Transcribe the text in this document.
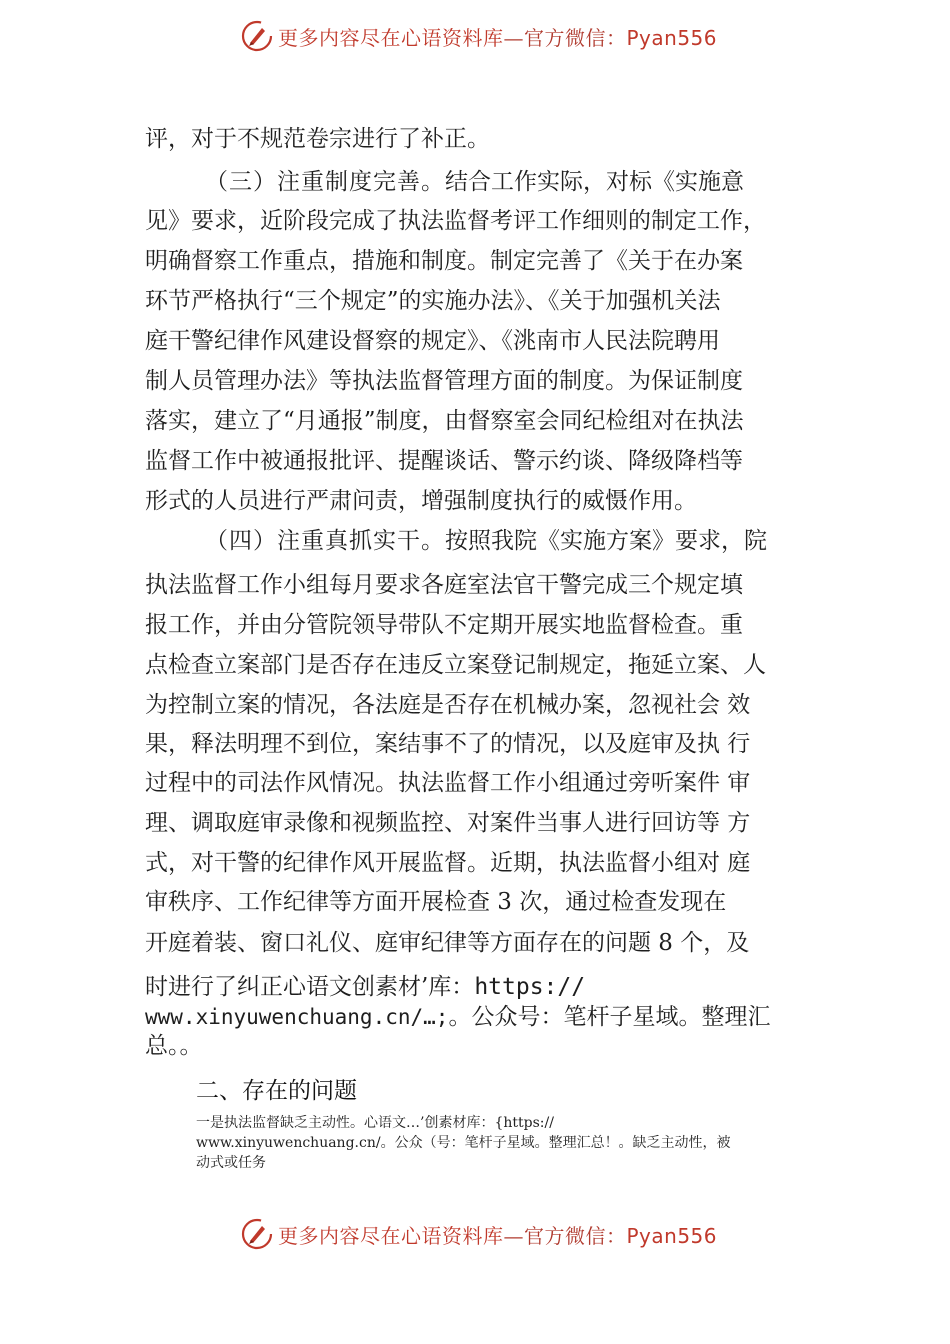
更多内容尽在心语资料库—官方微信：Pyan556
评，对于不规范卷宗进行了补正。
（三）注重制度完善。结合工作实际，对标《实施意
见》要求，近阶段完成了执法监督考评工作细则的制定工作，
明确督察工作重点，措施和制度。制定完善了《关于在办案
环节严格执行“三个规定”的实施办法》、《关于加强机关法
庭干警纪律作风建设督察的规定》、《洮南市人民法院聘用
制人员管理办法》等执法监督管理方面的制度。为保证制度
落实，建立了“月通报”制度，由督察室会同纪检组对在执法
监督工作中被通报批评、提醒谈话、警示约谈、降级降档等
形式的人员进行严肃问责，增强制度执行的威慑作用。
（四）注重真抓实干。按照我院《实施方案》要求，院
执法监督工作小组每月要求各庭室法官干警完成三个规定填
报工作，并由分管院领导带队不定期开展实地监督检查。重
点检查立案部门是否存在违反立案登记制规定，拖延立案、人
为控制立案的情况，各法庭是否存在机械办案，忽视社会 效
果，释法明理不到位，案结事不了的情况，以及庭审及执 行
过程中的司法作风情况。执法监督工作小组通过旁听案件 审
理、调取庭审录像和视频监控、对案件当事人进行回访等 方
式，对干警的纪律作风开展监督。近期，执法监督小组对 庭
审秩序、工作纪律等方面开展检查 3 次，通过检查发现在
开庭着装、窗口礼仪、庭审纪律等方面存在的问题 8 个，及
时进行了纠正心语文创素材’库：https://
www.xinyuwenchuang.cn/…;。公众号：笔杆子星域。整理汇
总。。
二、存在的问题
一是执法监督缺乏主动性。心语文…’创素材库：{https://
www.xinyuwenchuang.cn/。公众（号：笔杆子星域。整理汇总！。缺乏主动性，被
动式或任务
更多内容尽在心语资料库—官方微信：Pyan556
